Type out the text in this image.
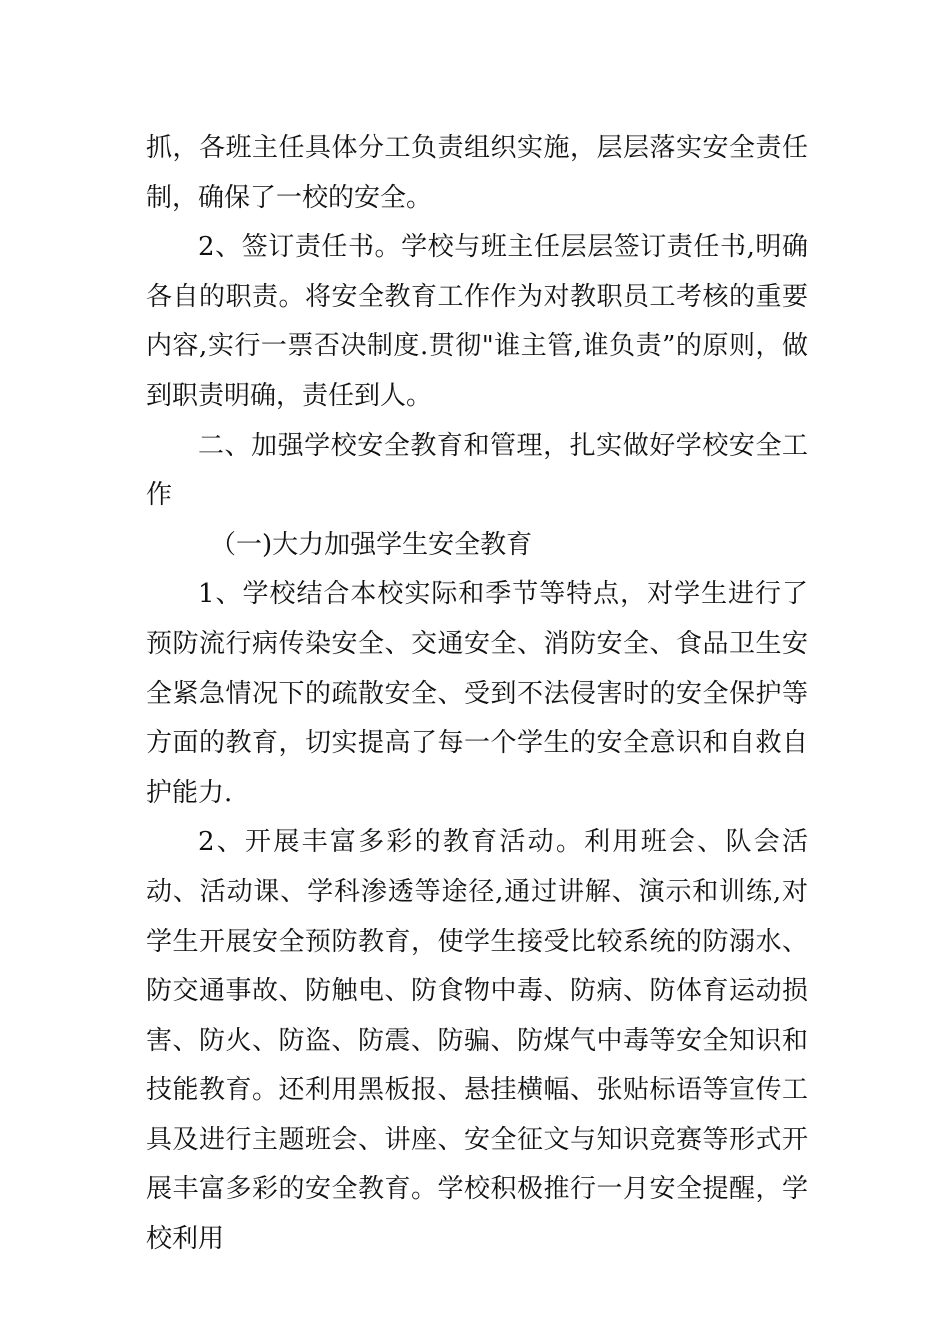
抓，各班主任具体分工负责组织实施，层层落实安全责任制，确保了一校的安全。

2、签订责任书。学校与班主任层层签订责任书,明确各自的职责。将安全教育工作作为对教职员工考核的重要内容,实行一票否决制度.贯彻"谁主管,谁负责”的原则，做到职责明确，责任到人。

二、加强学校安全教育和管理，扎实做好学校安全工作

（一)大力加强学生安全教育

1、学校结合本校实际和季节等特点，对学生进行了预防流行病传染安全、交通安全、消防安全、食品卫生安全紧急情况下的疏散安全、受到不法侵害时的安全保护等方面的教育，切实提高了每一个学生的安全意识和自救自护能力.

2、开展丰富多彩的教育活动。利用班会、队会活动、活动课、学科渗透等途径,通过讲解、演示和训练,对学生开展安全预防教育，使学生接受比较系统的防溺水、防交通事故、防触电、防食物中毒、防病、防体育运动损害、防火、防盗、防震、防骗、防煤气中毒等安全知识和技能教育。还利用黑板报、悬挂横幅、张贴标语等宣传工具及进行主题班会、讲座、安全征文与知识竞赛等形式开展丰富多彩的安全教育。学校积极推行一月安全提醒，学校利用
